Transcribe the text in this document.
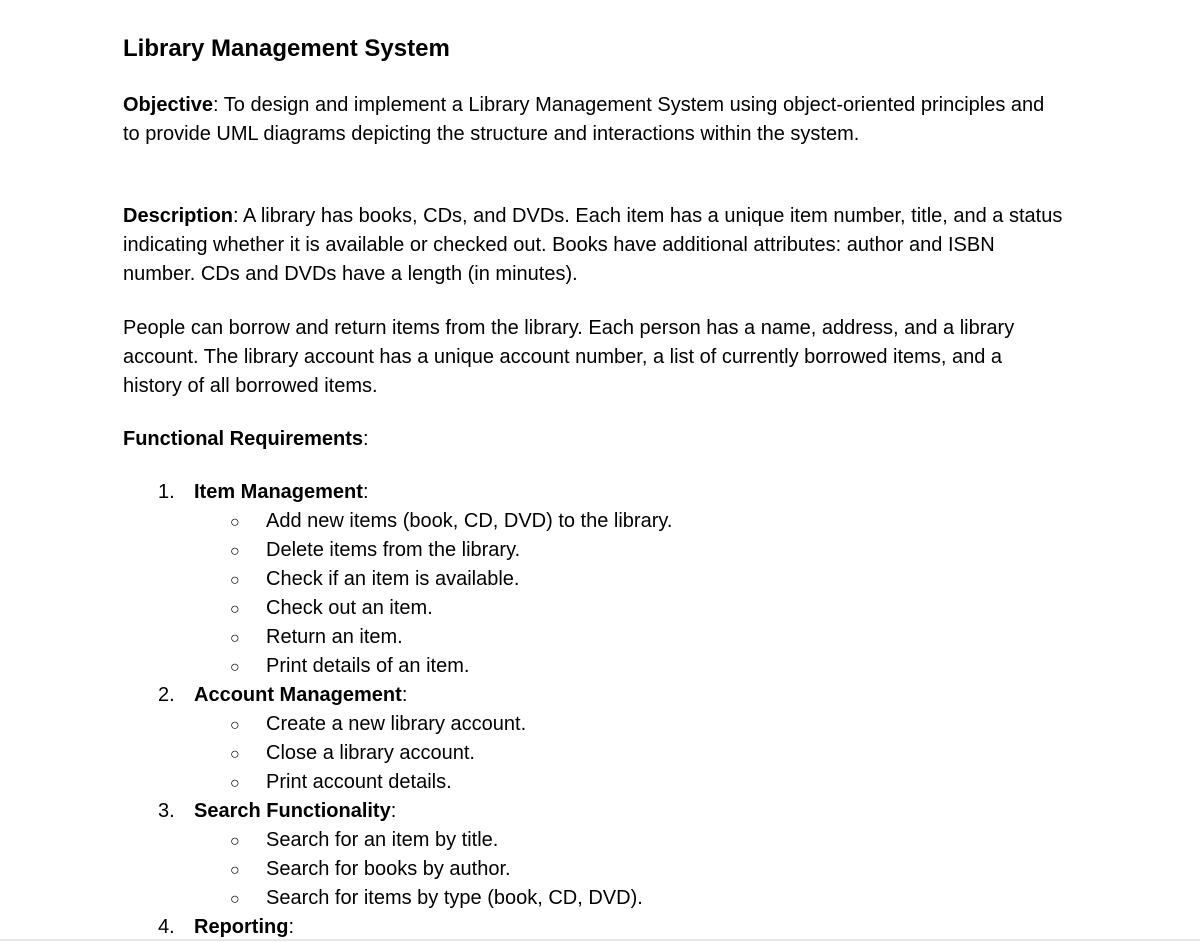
Library Management System

Objective: To design and implement a Library Management System using object-oriented principles and to provide UML diagrams depicting the structure and interactions within the system.

Description: A library has books, CDs, and DVDs. Each item has a unique item number, title, and a status indicating whether it is available or checked out. Books have additional attributes: author and ISBN number. CDs and DVDs have a length (in minutes).

People can borrow and return items from the library. Each person has a name, address, and a library account. The library account has a unique account number, a list of currently borrowed items, and a history of all borrowed items.

Functional Requirements:

1. Item Management:
○ Add new items (book, CD, DVD) to the library.
○ Delete items from the library.
○ Check if an item is available.
○ Check out an item.
○ Return an item.
○ Print details of an item.
2. Account Management:
○ Create a new library account.
○ Close a library account.
○ Print account details.
3. Search Functionality:
○ Search for an item by title.
○ Search for books by author.
○ Search for items by type (book, CD, DVD).
4. Reporting:
